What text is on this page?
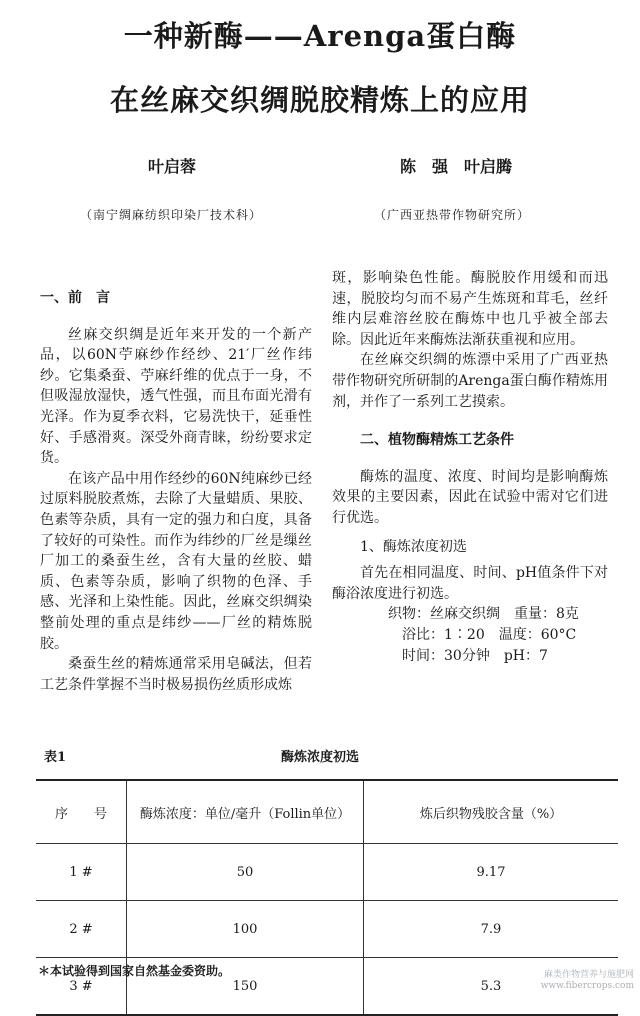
一种新酶——Arenga蛋白酶
在丝麻交织绸脱胶精炼上的应用
叶启蓉	陈　强　叶启腾
（南宁绸麻纺织印染厂技术科）	（广西亚热带作物研究所）
一、前　言

丝麻交织绸是近年来开发的一个新产品，以60N苧麻纱作经纱、21′厂丝作纬纱。它集桑蚕、苧麻纤维的优点于一身，不但吸湿放湿快，透气性强，而且布面光滑有光泽。作为夏季衣料，它易洗快干，延垂性好、手感滑爽。深受外商青睐，纷纷要求定货。

在该产品中用作经纱的60N纯麻纱已经过原料脱胶煮炼，去除了大量蜡质、果胶、色素等杂质，具有一定的强力和白度，具备了较好的可染性。而作为纬纱的厂丝是缫丝厂加工的桑蚕生丝，含有大量的丝胶、蜡质、色素等杂质，影响了织物的色泽、手感、光泽和上染性能。因此，丝麻交织绸染整前处理的重点是纬纱——厂丝的精炼脱胶。

桑蚕生丝的精炼通常采用皂碱法，但若工艺条件掌握不当时极易损伤丝质形成炼

斑，影响染色性能。酶脱胶作用缓和而迅速，脱胶均匀而不易产生炼斑和茸毛，丝纤维内层难溶丝胶在酶炼中也几乎被全部去除。因此近年来酶炼法渐获重视和应用。

在丝麻交织绸的炼漂中采用了广西亚热带作物研究所研制的Arenga蛋白酶作精炼用剂，并作了一系列工艺摸索。

二、植物酶精炼工艺条件

酶炼的温度、浓度、时间均是影响酶炼效果的主要因素，因此在试验中需对它们进行优选。

1、酶炼浓度初选

首先在相同温度、时间、pH值条件下对酶浴浓度进行初选。

织物：丝麻交织绸　重量：8克

浴比：1∶20　温度：60°C

时间：30分钟　pH：7

表1	酶炼浓度初选
序　　号	酶炼浓度：单位/毫升（Follin单位）	炼后织物残胶含量（%）
1 #	50	9.17
2 #	100	7.9
3 #	150	5.3
＊本试验得到国家自然基金委资助。	麻类作物营养与施肥网
www.fibercrops.com
